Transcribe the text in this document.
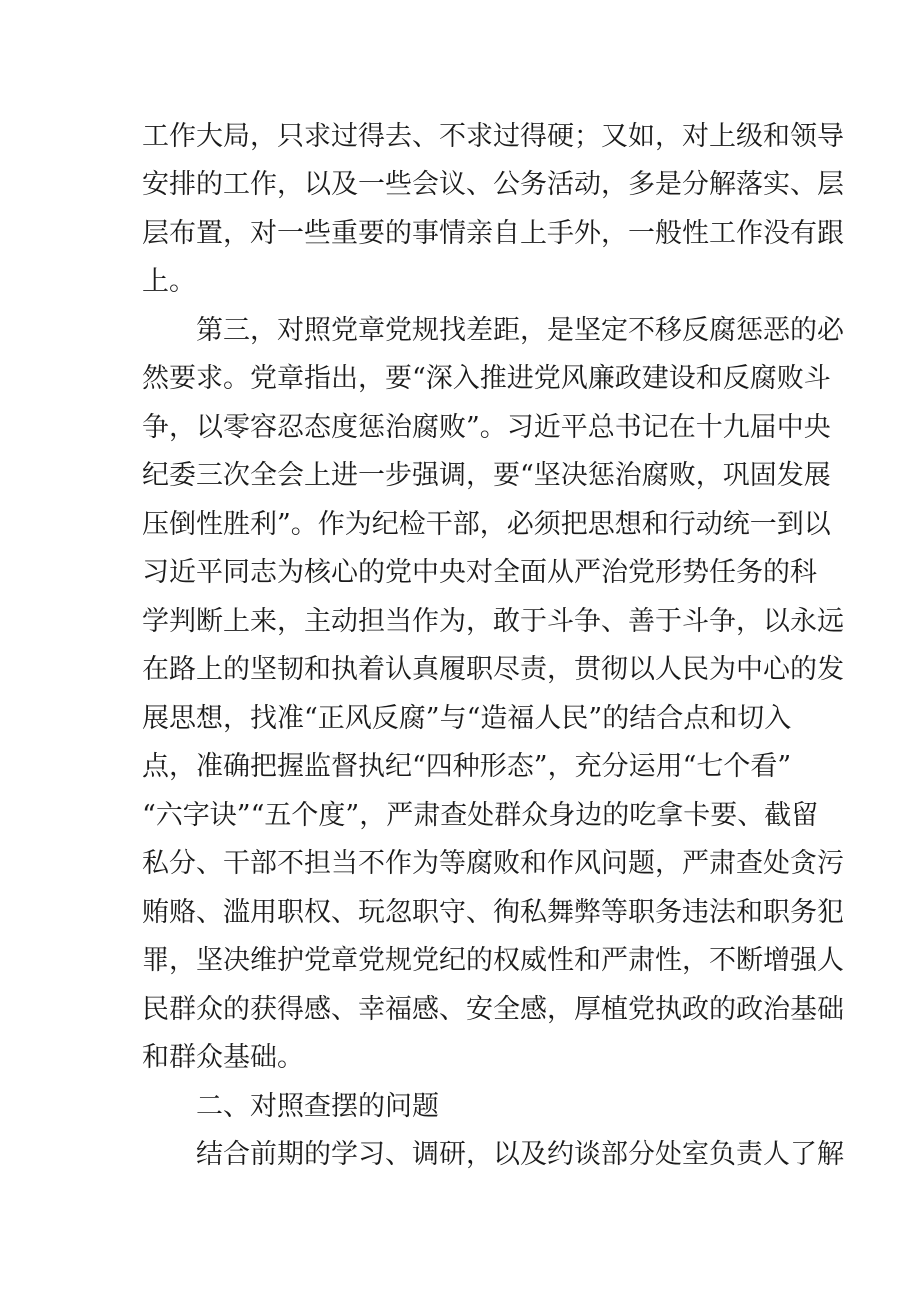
工作大局，只求过得去、不求过得硬；又如，对上级和领导
安排的工作，以及一些会议、公务活动，多是分解落实、层
层布置，对一些重要的事情亲自上手外，一般性工作没有跟
上。
第三，对照党章党规找差距，是坚定不移反腐惩恶的必
然要求。党章指出，要“深入推进党风廉政建设和反腐败斗
争，以零容忍态度惩治腐败”。习近平总书记在十九届中央
纪委三次全会上进一步强调，要“坚决惩治腐败，巩固发展
压倒性胜利”。作为纪检干部，必须把思想和行动统一到以
习近平同志为核心的党中央对全面从严治党形势任务的科
学判断上来，主动担当作为，敢于斗争、善于斗争，以永远
在路上的坚韧和执着认真履职尽责，贯彻以人民为中心的发
展思想，找准“正风反腐”与“造福人民”的结合点和切入
点，准确把握监督执纪“四种形态”，充分运用“七个看”
“六字诀”“五个度”，严肃查处群众身边的吃拿卡要、截留
私分、干部不担当不作为等腐败和作风问题，严肃查处贪污
贿赂、滥用职权、玩忽职守、徇私舞弊等职务违法和职务犯
罪，坚决维护党章党规党纪的权威性和严肃性，不断增强人
民群众的获得感、幸福感、安全感，厚植党执政的政治基础
和群众基础。
二、对照查摆的问题
结合前期的学习、调研，以及约谈部分处室负责人了解
